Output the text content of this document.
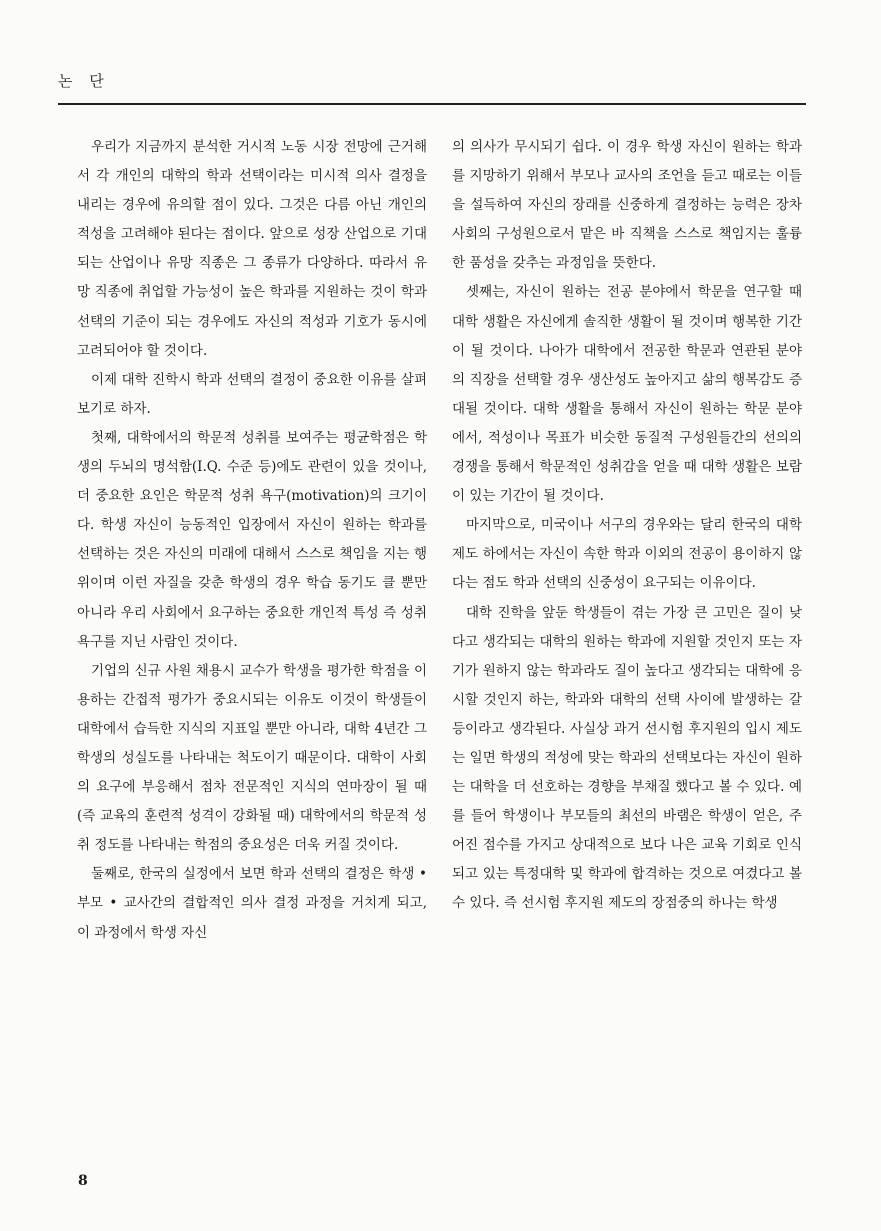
논 단

우리가 지금까지 분석한 거시적 노동 시장 전망에 근거해서 각 개인의 대학의 학과 선택이라는 미시적 의사 결정을 내리는 경우에 유의할 점이 있다. 그것은 다름 아닌 개인의 적성을 고려해야 된다는 점이다. 앞으로 성장 산업으로 기대되는 산업이나 유망 직종은 그 종류가 다양하다. 따라서 유망 직종에 취업할 가능성이 높은 학과를 지원하는 것이 학과 선택의 기준이 되는 경우에도 자신의 적성과 기호가 동시에 고려되어야 할 것이다.

이제 대학 진학시 학과 선택의 결정이 중요한 이유를 살펴 보기로 하자.

첫째, 대학에서의 학문적 성취를 보여주는 평균학점은 학생의 두뇌의 명석함(I.Q. 수준 등)에도 관련이 있을 것이나, 더 중요한 요인은 학문적 성취 욕구(motivation)의 크기이다. 학생 자신이 능동적인 입장에서 자신이 원하는 학과를 선택하는 것은 자신의 미래에 대해서 스스로 책임을 지는 행위이며 이런 자질을 갖춘 학생의 경우 학습 동기도 클 뿐만 아니라 우리 사회에서 요구하는 중요한 개인적 특성 즉 성취 욕구를 지닌 사람인 것이다.

기업의 신규 사원 채용시 교수가 학생을 평가한 학점을 이용하는 간접적 평가가 중요시되는 이유도 이것이 학생들이 대학에서 습득한 지식의 지표일 뿐만 아니라, 대학 4년간 그 학생의 성실도를 나타내는 척도이기 때문이다. 대학이 사회의 요구에 부응해서 점차 전문적인 지식의 연마장이 될 때(즉 교육의 훈련적 성격이 강화될 때) 대학에서의 학문적 성취 정도를 나타내는 학점의 중요성은 더욱 커질 것이다.

둘째로, 한국의 실정에서 보면 학과 선택의 결정은 학생 • 부모 • 교사간의 결합적인 의사 결정 과정을 거치게 되고, 이 과정에서 학생 자신

의 의사가 무시되기 쉽다. 이 경우 학생 자신이 원하는 학과를 지망하기 위해서 부모나 교사의 조언을 듣고 때로는 이들을 설득하여 자신의 장래를 신중하게 결정하는 능력은 장차 사회의 구성원으로서 맡은 바 직책을 스스로 책임지는 훌륭한 품성을 갖추는 과정임을 뜻한다.

셋째는, 자신이 원하는 전공 분야에서 학문을 연구할 때 대학 생활은 자신에게 솔직한 생활이 될 것이며 행복한 기간이 될 것이다. 나아가 대학에서 전공한 학문과 연관된 분야의 직장을 선택할 경우 생산성도 높아지고 삶의 행복감도 증대될 것이다. 대학 생활을 통해서 자신이 원하는 학문 분야에서, 적성이나 목표가 비슷한 동질적 구성원들간의 선의의 경쟁을 통해서 학문적인 성취감을 얻을 때 대학 생활은 보람이 있는 기간이 될 것이다.

마지막으로, 미국이나 서구의 경우와는 달리 한국의 대학 제도 하에서는 자신이 속한 학과 이외의 전공이 용이하지 않다는 점도 학과 선택의 신중성이 요구되는 이유이다.

대학 진학을 앞둔 학생들이 겪는 가장 큰 고민은 질이 낮다고 생각되는 대학의 원하는 학과에 지원할 것인지 또는 자기가 원하지 않는 학과라도 질이 높다고 생각되는 대학에 응시할 것인지 하는, 학과와 대학의 선택 사이에 발생하는 갈등이라고 생각된다. 사실상 과거 선시험 후지원의 입시 제도는 일면 학생의 적성에 맞는 학과의 선택보다는 자신이 원하는 대학을 더 선호하는 경향을 부채질 했다고 볼 수 있다. 예를 들어 학생이나 부모들의 최선의 바램은 학생이 얻은, 주어진 점수를 가지고 상대적으로 보다 나은 교육 기회로 인식되고 있는 특정대학 및 학과에 합격하는 것으로 여겼다고 볼 수 있다. 즉 선시험 후지원 제도의 장점중의 하나는 학생

8
